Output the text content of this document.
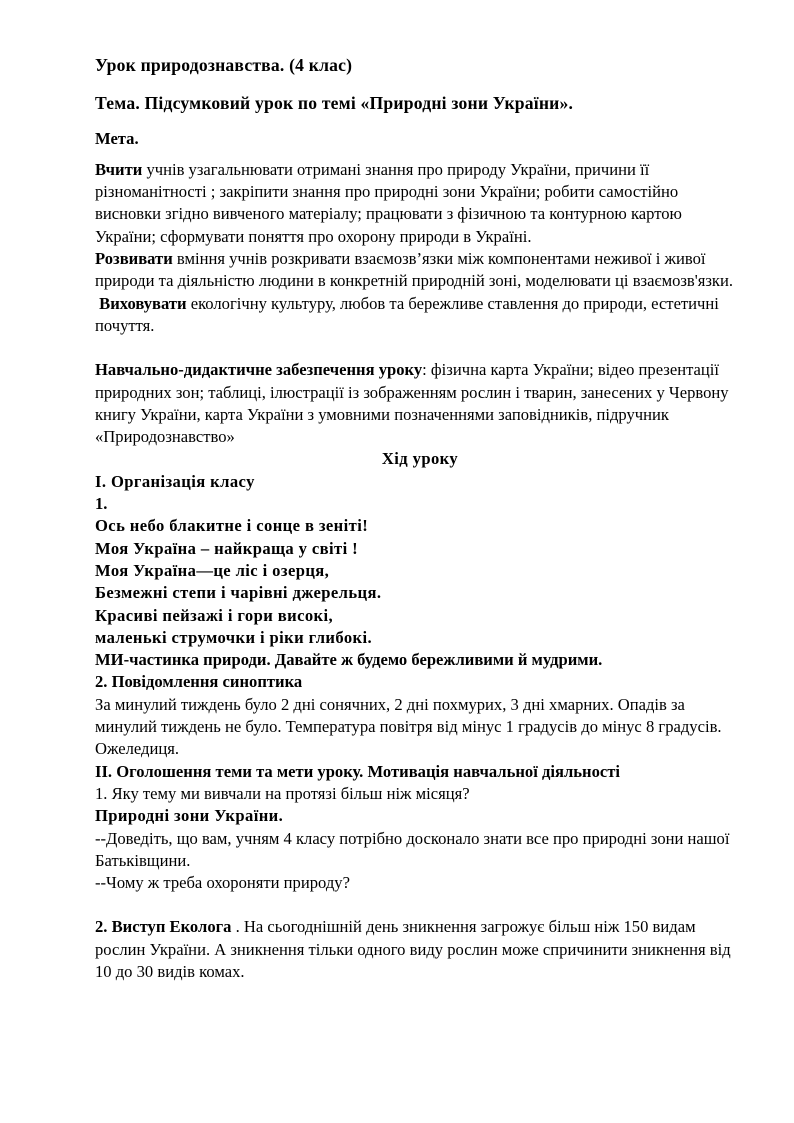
Урок природознавства. (4 клас)
Тема. Підсумковий урок по темі «Природні зони України».
Мета.
Вчити учнів узагальнювати отримані знання про природу України, причини її різноманітності ; закріпити знання про природні зони України; робити самостійно висновки згідно вивченого матеріалу; працювати з фізичною та контурною картою України; сформувати поняття про охорону природи в Україні.
Розвивати вміння учнів розкривати взаємозв’язки між компонентами неживої і живої природи та діяльністю людини в конкретній природній зоні, моделювати ці взаємозв'язки.
Виховувати екологічну культуру, любов та бережливе ставлення до природи, естетичні почуття.
Навчально-дидактичне забезпечення уроку: фізична карта України; відео презентації природних зон; таблиці, ілюстрації із зображенням рослин і тварин, занесених у Червону книгу України, карта України з умовними позначеннями заповідників, підручник «Природознавство»
Хід уроку
І. Організація класу
1.
Ось небо блакитне і сонце в зеніті!
Моя Україна – найкраща у світі !
Моя Україна—це ліс і озерця,
Безмежні степи і чарівні джерельця.
Красиві пейзажі і гори високі,
маленькі струмочки і ріки глибокі.
МИ-частинка природи. Давайте ж будемо бережливими й мудрими.
2. Повідомлення синоптика
За минулий тиждень було 2 дні сонячних, 2 дні похмурих, 3 дні хмарних. Опадів за минулий тиждень не було. Температура повітря від мінус 1 градусів до мінус 8 градусів. Ожеледиця.
ІІ. Оголошення теми та мети уроку. Мотивація навчальної діяльності
1. Яку тему ми вивчали на протязі більш ніж місяця?
Природні зони України.
--Доведіть, що вам, учням 4 класу потрібно досконало знати все про природні зони нашої Батьківщини.
--Чому ж треба охороняти природу?
2. Виступ Еколога . На сьогоднішній день зникнення загрожує більш ніж 150 видам рослин України. А зникнення тільки одного виду рослин може спричинити зникнення від 10 до 30 видів комах.
